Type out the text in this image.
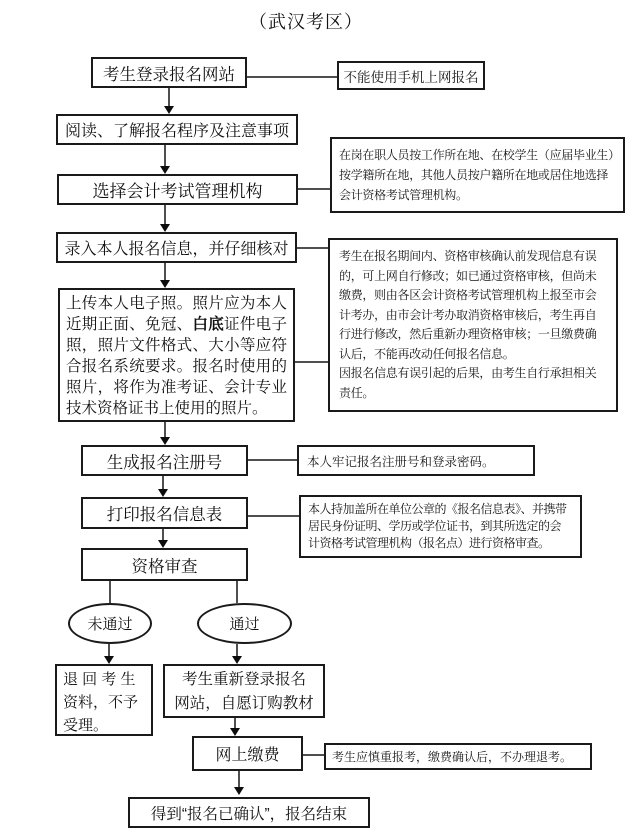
（武汉考区）
考生登录报名网站
阅读、了解报名程序及注意事项
选择会计考试管理机构
录入本人报名信息，并仔细核对
上传本人电子照。照片应为本人近期正面、免冠、白底证件电子照，照片文件格式、大小等应符合报名系统要求。报名时使用的照片，将作为准考证、会计专业技术资格证书上使用的照片。
生成报名注册号
打印报名信息表
资格审查
未通过	通过
退 回 考 生
资料，不予
受理。
考生重新登录报名
网站，自愿订购教材
网上缴费
得到“报名已确认”，报名结束
不能使用手机上网报名
在岗在职人员按工作所在地、在校学生（应届毕业生）
按学籍所在地，其他人员按户籍所在地或居住地选择
会计资格考试管理机构。
考生在报名期间内、资格审核确认前发现信息有误
的，可上网自行修改；如已通过资格审核，但尚未
缴费，则由各区会计资格考试管理机构上报至市会
计考办，由市会计考办取消资格审核后，考生再自
行进行修改，然后重新办理资格审核；一旦缴费确
认后，不能再改动任何报名信息。
因报名信息有误引起的后果，由考生自行承担相关
责任。
本人牢记报名注册号和登录密码。
本人持加盖所在单位公章的《报名信息表》、并携带
居民身份证明、学历或学位证书，到其所选定的会
计资格考试管理机构（报名点）进行资格审查。
考生应慎重报考，缴费确认后，不办理退考。
